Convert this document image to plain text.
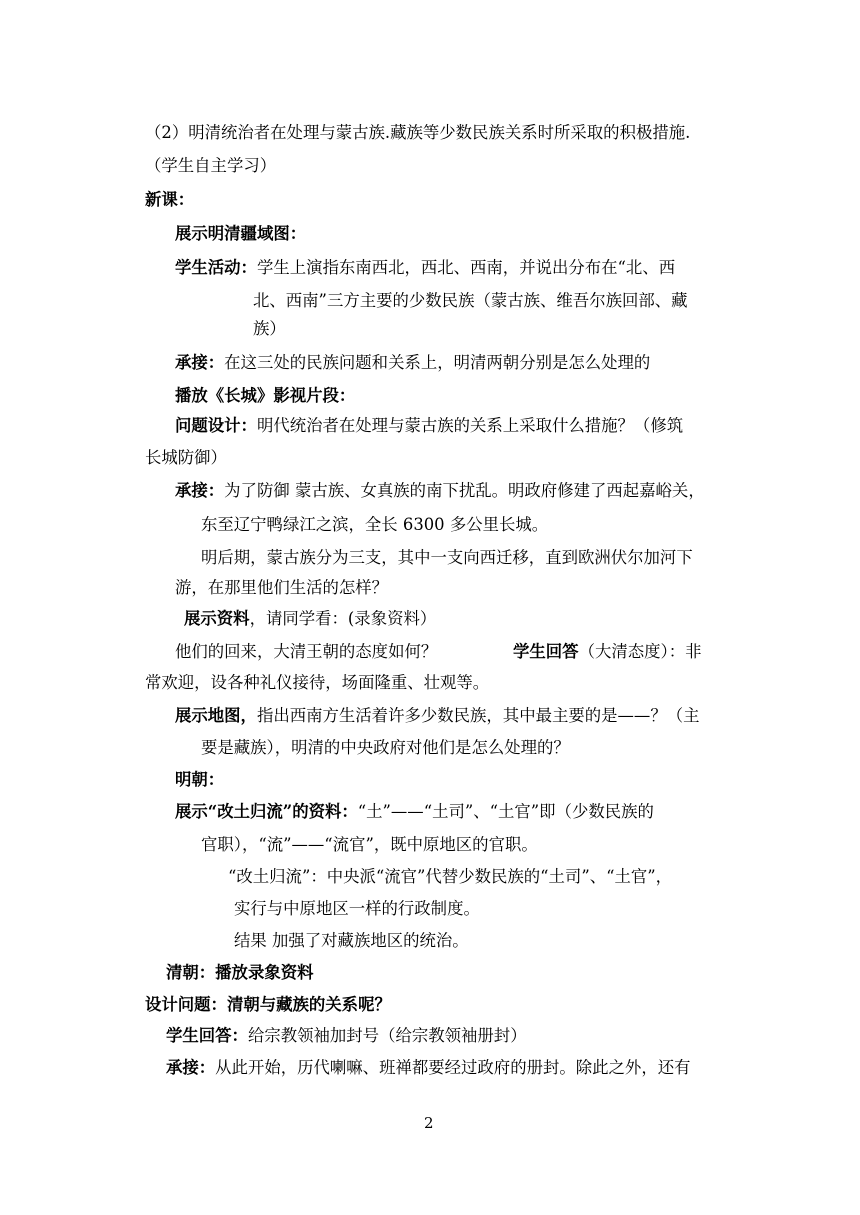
（2）明清统治者在处理与蒙古族.藏族等少数民族关系时所采取的积极措施.
（学生自主学习）
新课：
展示明清疆域图：
学生活动：学生上演指东南西北，西北、西南，并说出分布在“北、西
北、西南”三方主要的少数民族（蒙古族、维吾尔族回部、藏
族）
承接：在这三处的民族问题和关系上，明清两朝分别是怎么处理的
播放《长城》影视片段：
问题设计：明代统治者在处理与蒙古族的关系上采取什么措施？（修筑
长城防御）
承接：为了防御 蒙古族、女真族的南下扰乱。明政府修建了西起嘉峪关，
东至辽宁鸭绿江之滨，全长 6300 多公里长城。
明后期，蒙古族分为三支，其中一支向西迁移，直到欧洲伏尔加河下
游，在那里他们生活的怎样？
展示资料，请同学看：(录象资料）
他们的回来，大清王朝的态度如何？	学生回答（大清态度）：非
常欢迎，设各种礼仪接待，场面隆重、壮观等。
展示地图，指出西南方生活着许多少数民族，其中最主要的是——？（主
要是藏族），明清的中央政府对他们是怎么处理的？
明朝：
展示“改土归流”的资料：“土”——“土司”、“土官”即（少数民族的
官职），“流”——“流官”，既中原地区的官职。
“改土归流”：中央派“流官”代替少数民族的“土司”、“土官”，
实行与中原地区一样的行政制度。
结果 加强了对藏族地区的统治。
清朝：播放录象资料
设计问题：清朝与藏族的关系呢？
学生回答：给宗教领袖加封号（给宗教领袖册封）
承接：从此开始，历代喇嘛、班禅都要经过政府的册封。除此之外，还有
2
